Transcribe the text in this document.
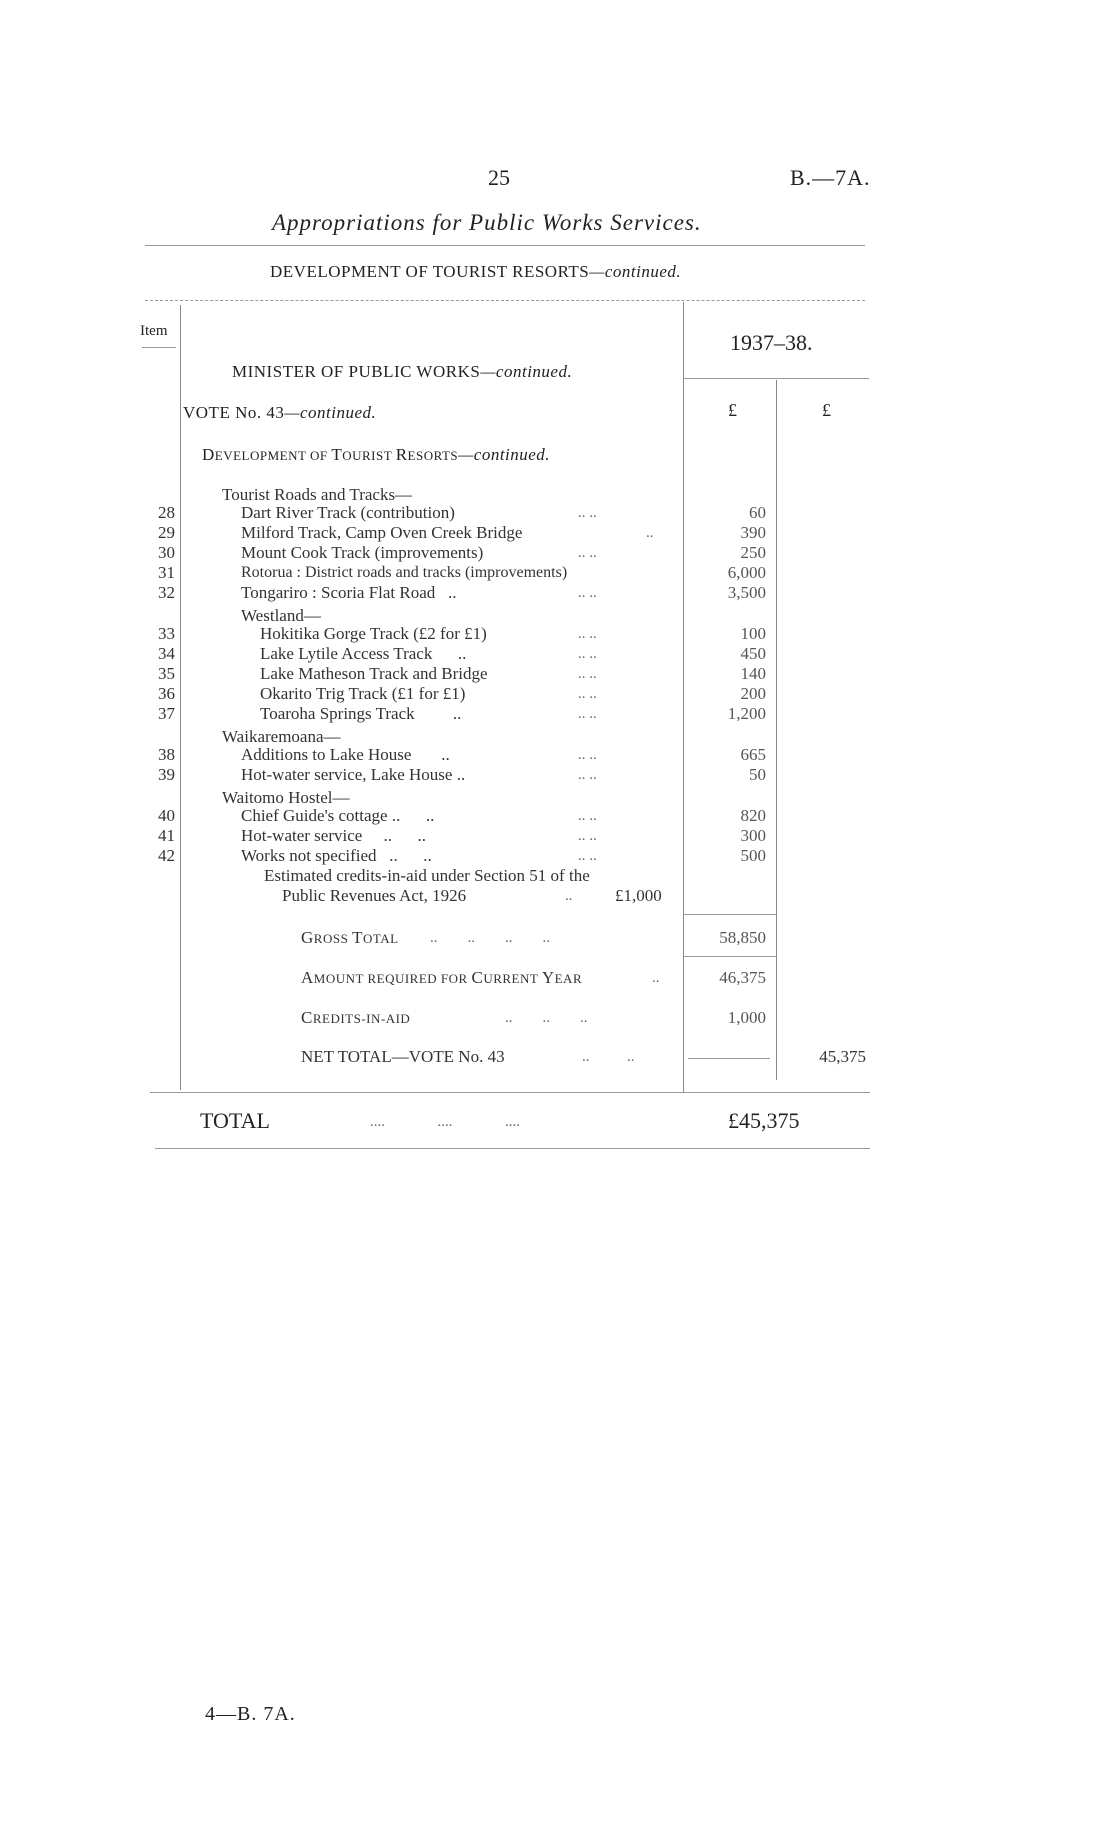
25	B.—7A.
Appropriations for Public Works Services.
DEVELOPMENT OF TOURIST RESORTS—continued.
Item	1937–38.
MINISTER OF PUBLIC WORKS—continued.
VOTE No. 43—continued.	£	£
DEVELOPMENT OF TOURIST RESORTS—continued.
Tourist Roads and Tracks—
Westland—
Waikaremoana—
Waitomo Hostel—
28	Dart River Track (contribution)	.. ..	60
29	Milford Track, Camp Oven Creek Bridge	..	390
30	Mount Cook Track (improvements)	.. ..	250
31	Rotorua : District roads and tracks (improvements)	6,000
32	Tongariro : Scoria Flat Road   ..	.. ..	3,500
33	Hokitika Gorge Track (£2 for £1)	.. ..	100
34	Lake Lytile Access Track      ..	.. ..	450
35	Lake Matheson Track and Bridge	.. ..	140
36	Okarito Trig Track (£1 for £1)	.. ..	200
37	Toaroha Springs Track         ..	.. ..	1,200
38	Additions to Lake House       ..	.. ..	665
39	Hot-water service, Lake House ..	.. ..	50
40	Chief Guide's cottage ..      ..	.. ..	820
41	Hot-water service     ..      ..	.. ..	300
42	Works not specified   ..      ..	.. ..	500
Estimated credits-in-aid under Section 51 of the
Public Revenues Act, 1926	..	£1,000
GROSS TOTAL ..        ..        ..        ..	58,850
AMOUNT REQUIRED FOR CURRENT YEAR	..	46,375
CREDITS-IN-AID	..        ..        ..	1,000
NET TOTAL—VOTE No. 43	..          ..	45,375
TOTAL	....              ....              ....	£45,375
4—B. 7A.
